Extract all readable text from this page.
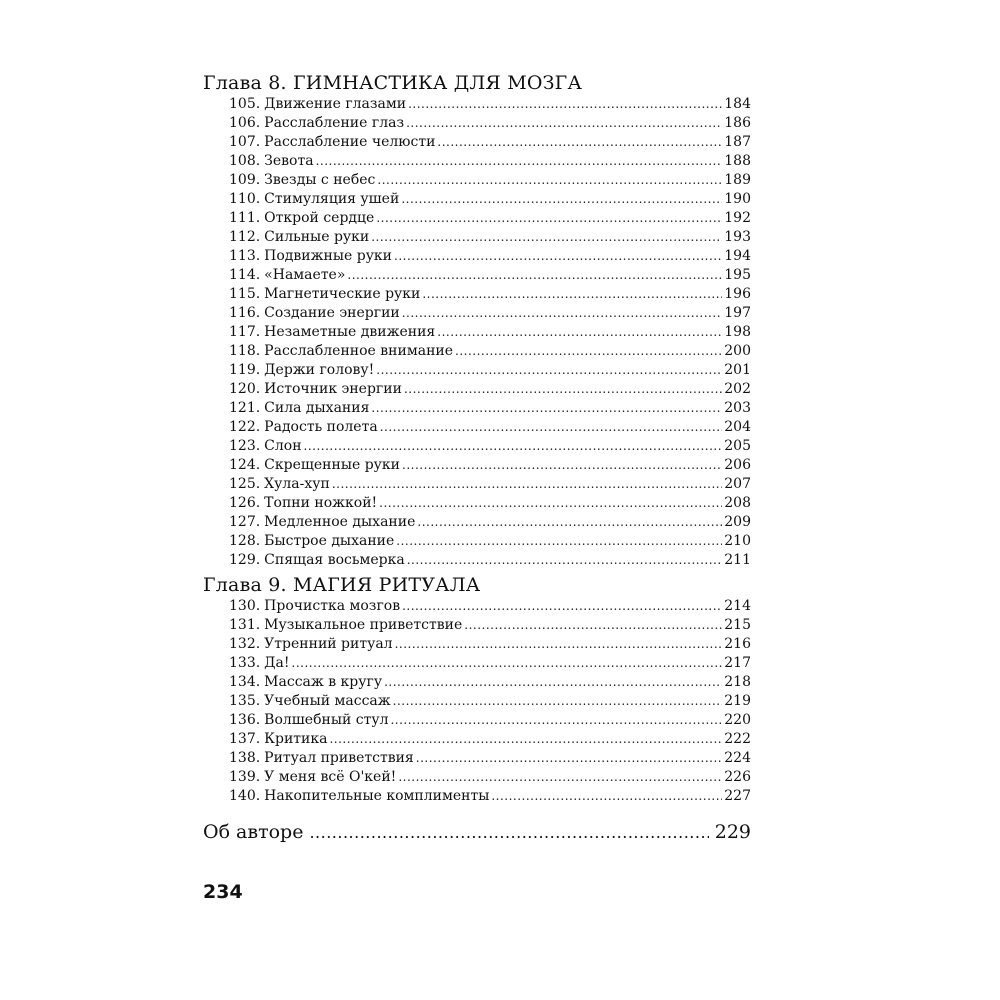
Глава 8. ГИМНАСТИКА ДЛЯ МОЗГА
105. Движение глазами .....	184
106. Расслабление глаз .....	186
107. Расслабление челюсти .....	187
108. Зевота .....	188
109. Звезды с небес .....	189
110. Стимуляция ушей .....	190
111. Открой сердце .....	192
112. Сильные руки .....	193
113. Подвижные руки .....	194
114. «Намаете» .....	195
115. Магнетические руки .....	196
116. Создание энергии .....	197
117. Незаметные движения .....	198
118. Расслабленное внимание .....	200
119. Держи голову! .....	201
120. Источник энергии .....	202
121. Сила дыхания .....	203
122. Радость полета .....	204
123. Слон .....	205
124. Скрещенные руки .....	206
125. Хула-хуп .....	207
126. Топни ножкой! .....	208
127. Медленное дыхание .....	209
128. Быстрое дыхание .....	210
129. Спящая восьмерка .....	211
Глава 9. МАГИЯ РИТУАЛА
130. Прочистка мозгов .....	214
131. Музыкальное приветствие .....	215
132. Утренний ритуал .....	216
133. Да! .....	217
134. Массаж в кругу .....	218
135. Учебный массаж .....	219
136. Волшебный стул .....	220
137. Критика .....	222
138. Ритуал приветствия .....	224
139. У меня всё О'кей! .....	226
140. Накопительные комплименты .....	227
Об авторе .....	229
234
